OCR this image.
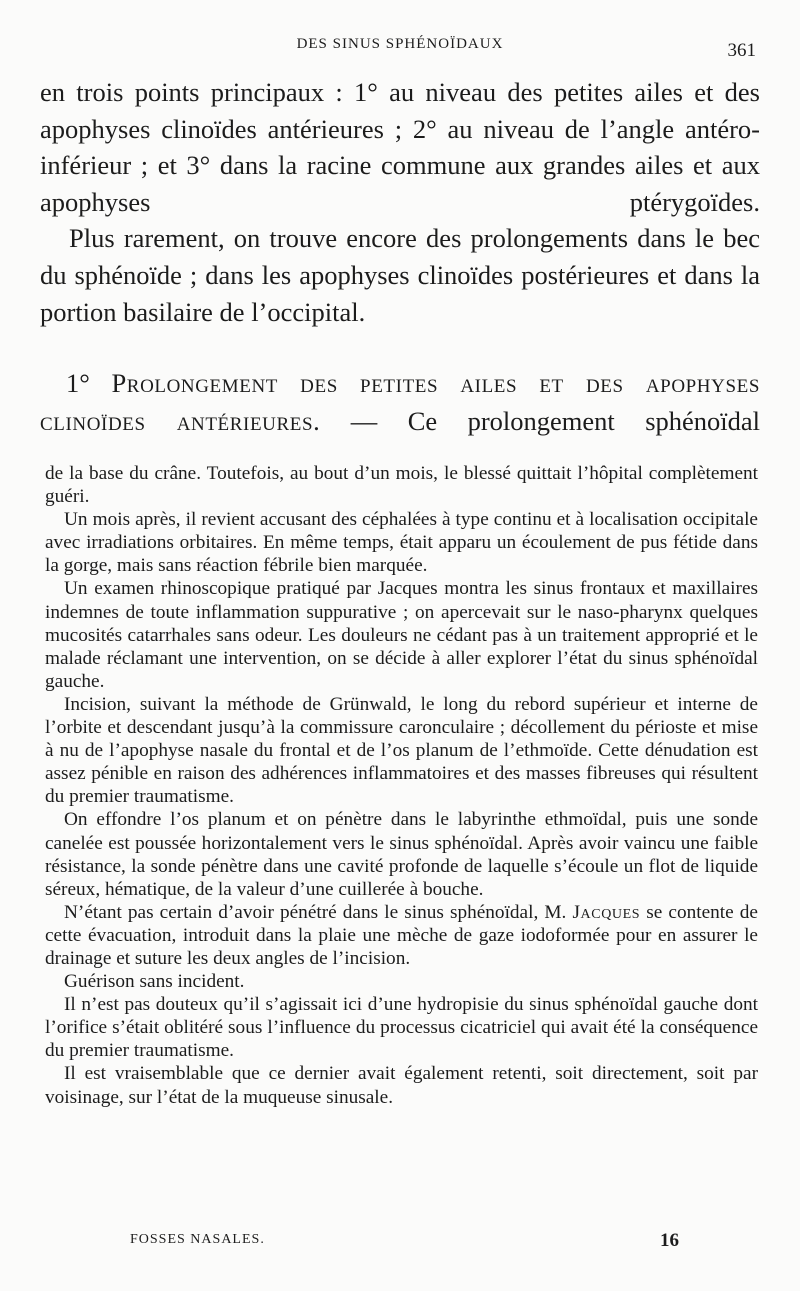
DES SINUS SPHÉNOÏDAUX	361

en trois points principaux : 1° au niveau des petites ailes et des apophyses clinoïdes antérieures ; 2° au niveau de l’angle antéro-inférieur ; et 3° dans la racine commune aux grandes ailes et aux apophyses ptérygoïdes.

Plus rarement, on trouve encore des prolongements dans le bec du sphénoïde ; dans les apophyses clinoïdes postérieures et dans la portion basilaire de l’occipital.

1° Prolongement des petites ailes et des apophyses
clinoïdes antérieures. — Ce prolongement sphénoïdal

de la base du crâne. Toutefois, au bout d’un mois, le blessé quittait l’hôpital complètement guéri.

Un mois après, il revient accusant des céphalées à type continu et à localisation occipitale avec irradiations orbitaires. En même temps, était apparu un écoulement de pus fétide dans la gorge, mais sans réaction fébrile bien marquée.

Un examen rhinoscopique pratiqué par Jacques montra les sinus frontaux et maxillaires indemnes de toute inflammation suppurative ; on apercevait sur le naso-pharynx quelques mucosités catarrhales sans odeur. Les douleurs ne cédant pas à un traitement approprié et le malade réclamant une intervention, on se décide à aller explorer l’état du sinus sphénoïdal gauche.

Incision, suivant la méthode de Grünwald, le long du rebord supérieur et interne de l’orbite et descendant jusqu’à la commissure caronculaire ; décollement du périoste et mise à nu de l’apophyse nasale du frontal et de l’os planum de l’ethmoïde. Cette dénudation est assez pénible en raison des adhérences inflammatoires et des masses fibreuses qui résultent du premier traumatisme.

On effondre l’os planum et on pénètre dans le labyrinthe ethmoïdal, puis une sonde canelée est poussée horizontalement vers le sinus sphénoïdal. Après avoir vaincu une faible résistance, la sonde pénètre dans une cavité profonde de laquelle s’écoule un flot de liquide séreux, hématique, de la valeur d’une cuillerée à bouche.

N’étant pas certain d’avoir pénétré dans le sinus sphénoïdal, M. Jacques se contente de cette évacuation, introduit dans la plaie une mèche de gaze iodoformée pour en assurer le drainage et suture les deux angles de l’incision.

Guérison sans incident.

Il n’est pas douteux qu’il s’agissait ici d’une hydropisie du sinus sphénoïdal gauche dont l’orifice s’était oblitéré sous l’influence du processus cicatriciel qui avait été la conséquence du premier traumatisme.

Il est vraisemblable que ce dernier avait également retenti, soit directement, soit par voisinage, sur l’état de la muqueuse sinusale.

FOSSES NASALES.	16
